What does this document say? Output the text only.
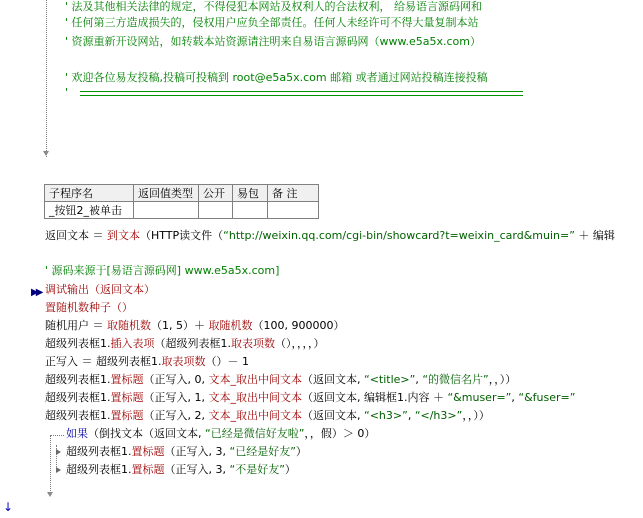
' 法及其他相关法律的规定，不得侵犯本网站及权利人的合法权利， 给易语言源码网和
' 任何第三方造成损失的，侵权用户应负全部责任。任何人未经许可不得大量复制本站
' 资源重新开设网站，如转载本站资源请注明来自易语言源码网（www.e5a5x.com）
' 欢迎各位易友投稿,投稿可投稿到 root@e5a5x.com 邮箱 或者通过网站投稿连接投稿
'
子程序名	返回值类型	公开	易包	备 注
_按钮2_被单击				
返回文本 ＝ 到文本（HTTP读文件（“http://weixin.qq.com/cgi-bin/showcard?t=weixin_card&muin=” ＋ 编辑
' 源码来源于[易语言源码网] www.e5a5x.com]
▶▶ 调试输出（返回文本）
置随机数种子（）
随机用户 ＝ 取随机数（1, 5）＋ 取随机数（100, 900000）
超级列表框1.插入表项（超级列表框1.取表项数（），，，，）
正写入 ＝ 超级列表框1.取表项数（）－ 1
超级列表框1.置标题（正写入, 0, 文本_取出中间文本（返回文本, “<title>”, “的微信名片”，，））
超级列表框1.置标题（正写入, 1, 文本_取出中间文本（返回文本, 编辑框1.内容 ＋ “&muser=”, “&fuser=”
超级列表框1.置标题（正写入, 2, 文本_取出中间文本（返回文本, “<h3>”, “</h3>”，，））
如果（倒找文本（返回文本, “已经是微信好友啦”，，假）＞ 0）
超级列表框1.置标题（正写入, 3, “已经是好友”）
超级列表框1.置标题（正写入, 3, “不是好友”）
↓
